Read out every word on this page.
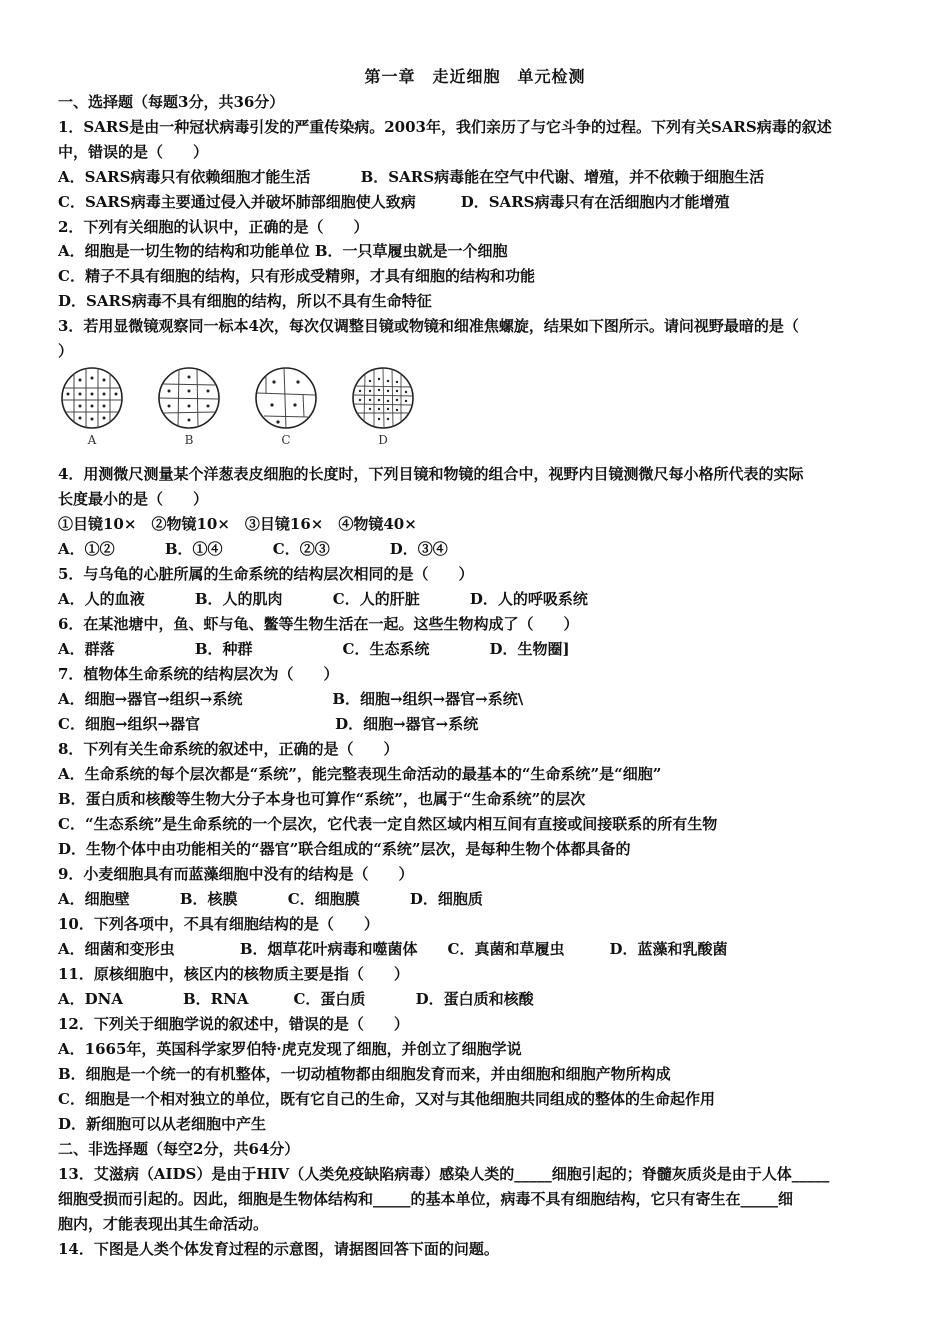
第一章　走近细胞　单元检测
一、选择题（每题3分，共36分）
1．SARS是由一种冠状病毒引发的严重传染病。2003年，我们亲历了与它斗争的过程。下列有关SARS病毒的叙述
中，错误的是（　　）
A．SARS病毒只有依赖细胞才能生活　　　 B．SARS病毒能在空气中代谢、增殖，并不依赖于细胞生活
C．SARS病毒主要通过侵入并破坏肺部细胞使人致病　　　D．SARS病毒只有在活细胞内才能增殖
2．下列有关细胞的认识中，正确的是（　　）
A．细胞是一切生物的结构和功能单位 B．一只草履虫就是一个细胞
C．精子不具有细胞的结构，只有形成受精卵，才具有细胞的结构和功能
D．SARS病毒不具有细胞的结构，所以不具有生命特征
3．若用显微镜观察同一标本4次，每次仅调整目镜或物镜和细准焦螺旋，结果如下图所示。请问视野最暗的是（
）
A	B	C	D
4．用测微尺测量某个洋葱表皮细胞的长度时，下列目镜和物镜的组合中，视野内目镜测微尺每小格所代表的实际
长度最小的是（　　）
①目镜10×　②物镜10×　③目镜16×　④物镜40×
A．①②　　　 B．①④　　　 C．②③　　　　D．③④
5．与乌龟的心脏所属的生命系统的结构层次相同的是（　　）
A．人的血液　　　 B．人的肌肉　　　 C．人的肝脏　　　 D．人的呼吸系统
6．在某池塘中，鱼、虾与龟、鳖等生物生活在一起。这些生物构成了（　　）
A．群落　　　　　 B．种群　　　　　　C．生态系统　　　　D．生物圈]
7．植物体生命系统的结构层次为（　　）
A．细胞→器官→组织→系统　　　　　　B．细胞→组织→器官→系统\
C．细胞→组织→器官　　　　　　　　　D．细胞→器官→系统
8．下列有关生命系统的叙述中，正确的是（　　）
A．生命系统的每个层次都是“系统”，能完整表现生命活动的最基本的“生命系统”是“细胞”
B．蛋白质和核酸等生物大分子本身也可算作“系统”，也属于“生命系统”的层次
C．“生态系统”是生命系统的一个层次，它代表一定自然区域内相互间有直接或间接联系的所有生物
D．生物个体中由功能相关的“器官”联合组成的“系统”层次，是每种生物个体都具备的
9．小麦细胞具有而蓝藻细胞中没有的结构是（　　）
A．细胞壁　　　 B．核膜　　　 C．细胞膜　　　 D．细胞质
10．下列各项中，不具有细胞结构的是（　　）
A．细菌和变形虫　　　　 B．烟草花叶病毒和噬菌体　　C．真菌和草履虫　　　D．蓝藻和乳酸菌
11．原核细胞中，核区内的核物质主要是指（　　）
A．DNA　　　　B．RNA　　　C．蛋白质　　　 D．蛋白质和核酸
12．下列关于细胞学说的叙述中，错误的是（　　）
A．1665年，英国科学家罗伯特·虎克发现了细胞，并创立了细胞学说
B．细胞是一个统一的有机整体，一切动植物都由细胞发育而来，并由细胞和细胞产物所构成
C．细胞是一个相对独立的单位，既有它自己的生命，又对与其他细胞共同组成的整体的生命起作用
D．新细胞可以从老细胞中产生
二、非选择题（每空2分，共64分）
13．艾滋病（AIDS）是由于HIV（人类免疫缺陷病毒）感染人类的_____细胞引起的；脊髓灰质炎是由于人体_____
细胞受损而引起的。因此，细胞是生物体结构和_____的基本单位，病毒不具有细胞结构，它只有寄生在_____细
胞内，才能表现出其生命活动。
14．下图是人类个体发育过程的示意图，请据图回答下面的问题。
